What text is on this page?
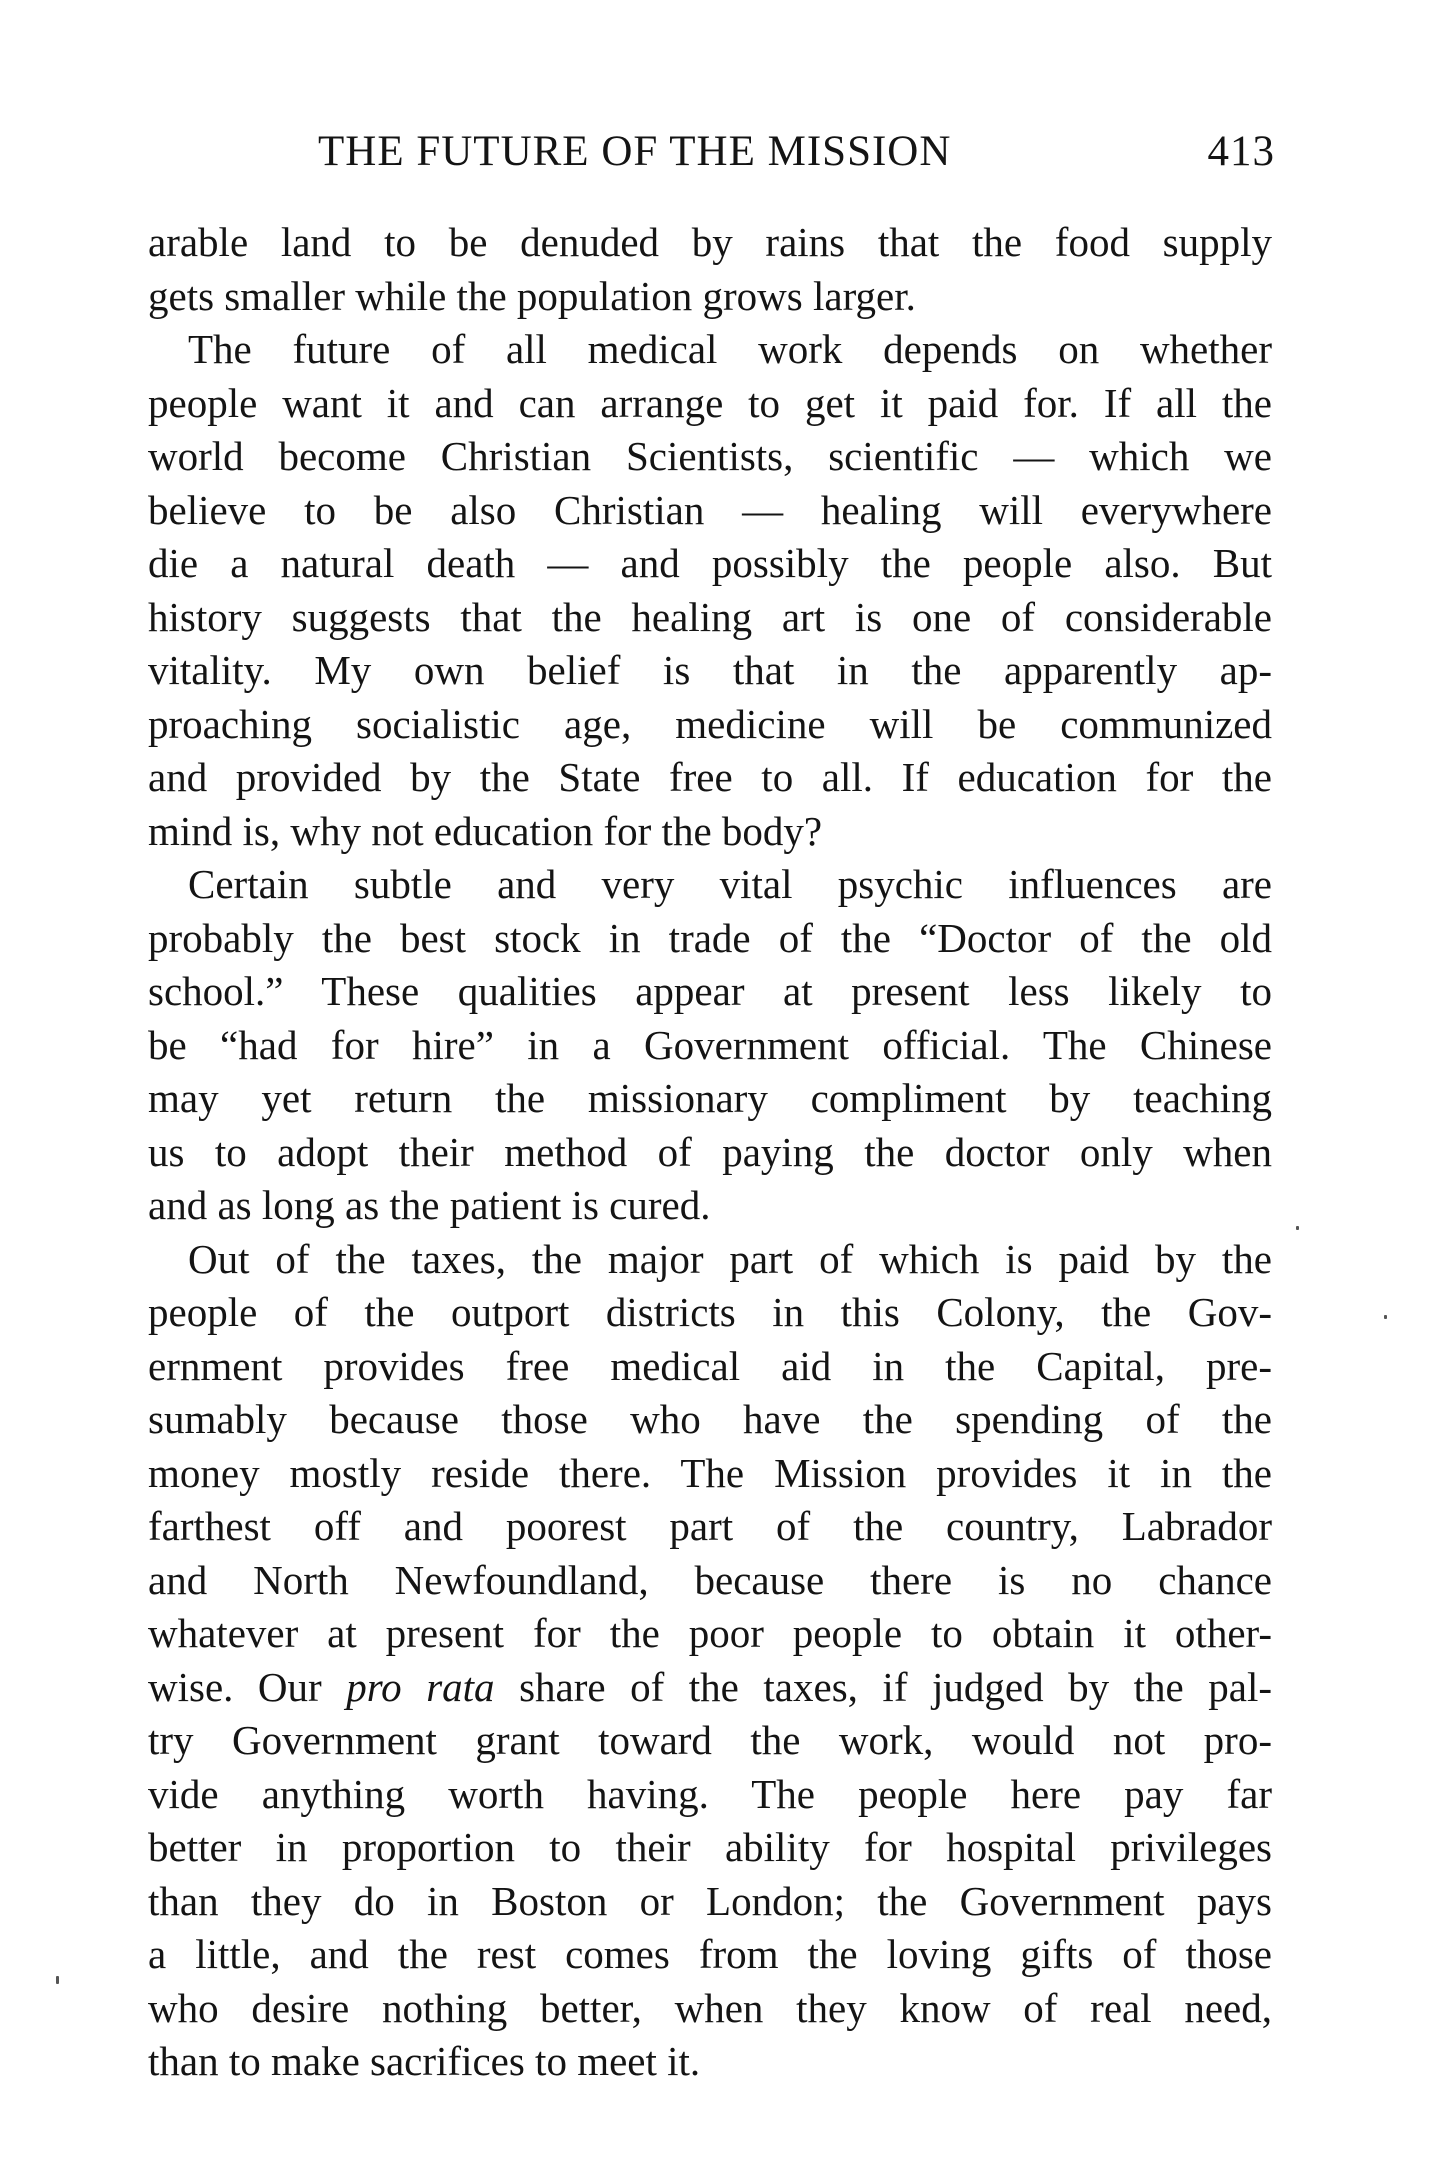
THE FUTURE OF THE MISSION	413
arable land to be denuded by rains that the food supply
gets smaller while the population grows larger.
The future of all medical work depends on whether
people want it and can arrange to get it paid for. If all the
world become Christian Scientists, scientific — which we
believe to be also Christian — healing will everywhere
die a natural death — and possibly the people also. But
history suggests that the healing art is one of considerable
vitality. My own belief is that in the apparently ap-
proaching socialistic age, medicine will be communized
and provided by the State free to all. If education for the
mind is, why not education for the body?
Certain subtle and very vital psychic influences are
probably the best stock in trade of the “Doctor of the old
school.” These qualities appear at present less likely to
be “had for hire” in a Government official. The Chinese
may yet return the missionary compliment by teaching
us to adopt their method of paying the doctor only when
and as long as the patient is cured.
Out of the taxes, the major part of which is paid by the
people of the outport districts in this Colony, the Gov-
ernment provides free medical aid in the Capital, pre-
sumably because those who have the spending of the
money mostly reside there. The Mission provides it in the
farthest off and poorest part of the country, Labrador
and North Newfoundland, because there is no chance
whatever at present for the poor people to obtain it other-
wise. Our pro rata share of the taxes, if judged by the pal-
try Government grant toward the work, would not pro-
vide anything worth having. The people here pay far
better in proportion to their ability for hospital privileges
than they do in Boston or London; the Government pays
a little, and the rest comes from the loving gifts of those
who desire nothing better, when they know of real need,
than to make sacrifices to meet it.
